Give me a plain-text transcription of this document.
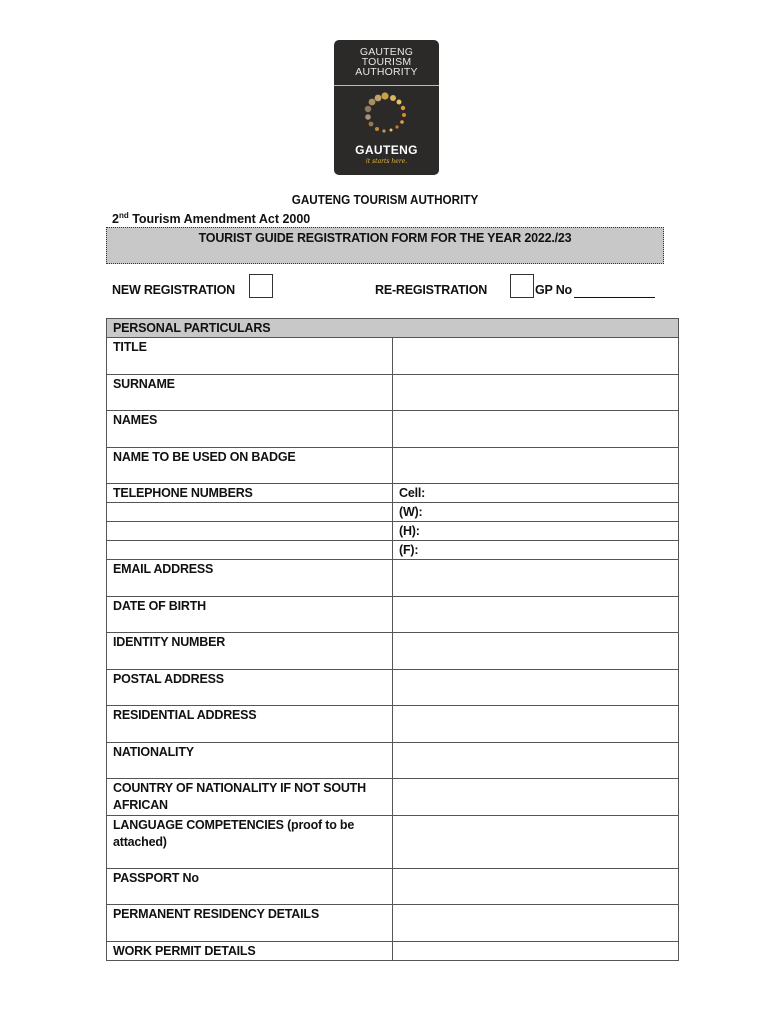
GAUTENG
TOURISM
AUTHORITY
GAUTENG
it starts here.
GAUTENG TOURISM AUTHORITY
2nd Tourism Amendment Act 2000
TOURIST GUIDE REGISTRATION FORM FOR THE YEAR 2022./23
NEW REGISTRATION	RE-REGISTRATION	GP No
PERSONAL PARTICULARS	
TITLE	
SURNAME	
NAMES	
NAME TO BE USED ON BADGE	
TELEPHONE NUMBERS	Cell:
	(W):
	(H):
	(F):
EMAIL ADDRESS	
DATE OF BIRTH	
IDENTITY NUMBER	
POSTAL ADDRESS	
RESIDENTIAL ADDRESS	
NATIONALITY	
COUNTRY OF NATIONALITY IF NOT SOUTH AFRICAN	
LANGUAGE COMPETENCIES (proof to be attached)	
PASSPORT No	
PERMANENT RESIDENCY DETAILS	
WORK PERMIT DETAILS	
